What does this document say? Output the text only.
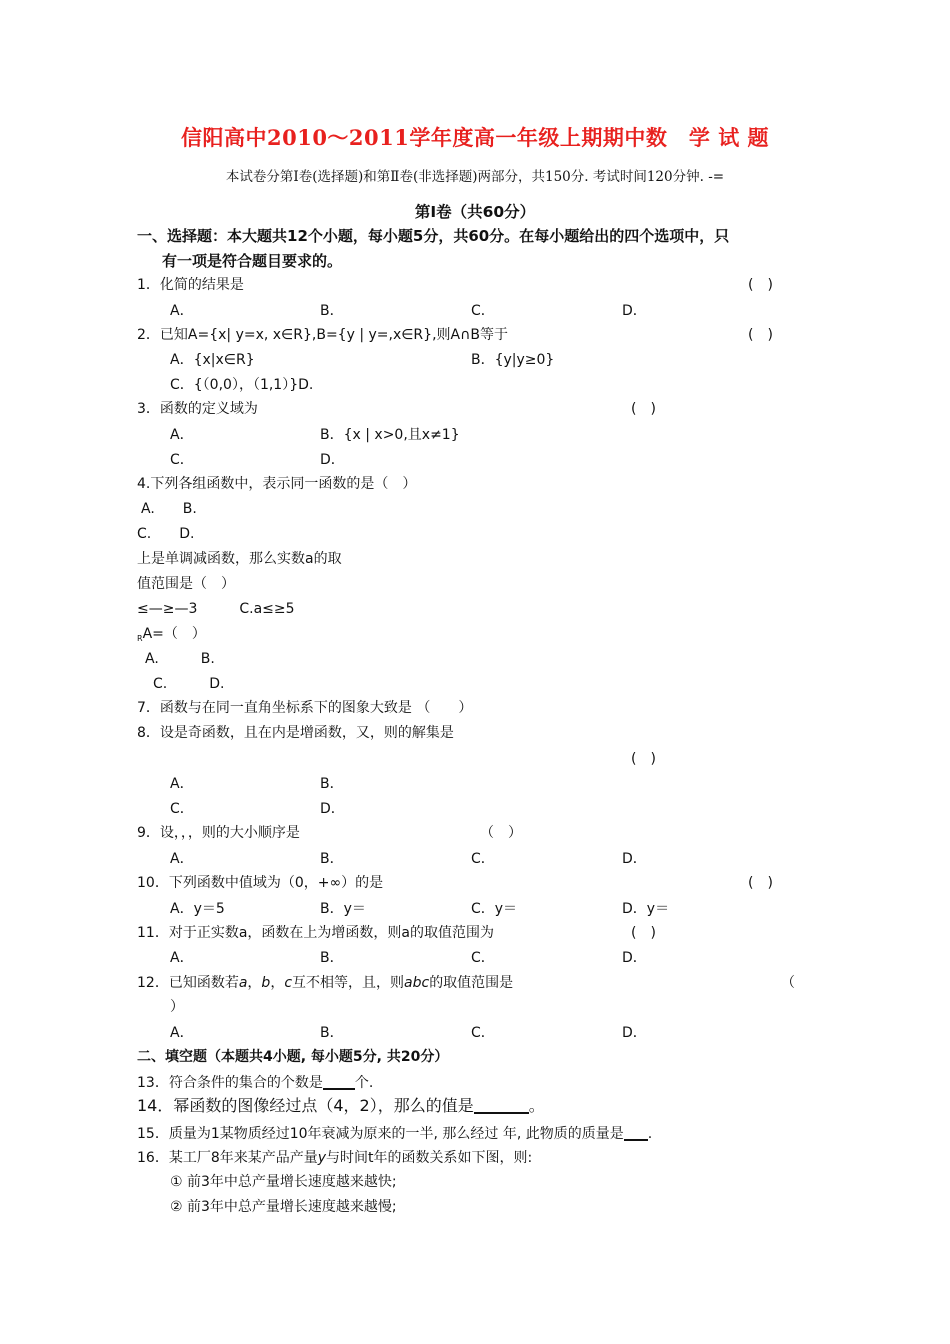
信阳高中2010～2011学年度高一年级上期期中数　学 试 题
本试卷分第Ⅰ卷(选择题)和第Ⅱ卷(非选择题)两部分，共150分. 考试时间120分钟. -=
第Ⅰ卷（共60分）
一、选择题：本大题共12个小题，每小题5分，共60分。在每小题给出的四个选项中，只
有一项是符合题目要求的。
1．化简的结果是	(　)
A．	B．	C．	D．
2．已知A={x| y=x, x∈R},B={y | y=,x∈R},则A∩B等于	(　)
A．{x|x∈R}	B．{y|y≥0}
C．{（0,0），（1,1）}D.
3．函数的定义域为	(　)
A．	B．{x | x>0,且x≠1}
C．	D．
4.下列各组函数中，表示同一函数的是（　）
A.　　B.
C.　　D.
上是单调减函数，那么实数a的取
值范围是（　）
≤—≥—3　　　C.a≤≥5
$_R$A=（　）
A.　　　B.
C.　　　D.
7．函数与在同一直角坐标系下的图象大致是 （　　）
8．设是奇函数，且在内是增函数，又，则的解集是
(　)
A．	B．
C．	D．
9．设，，，则的大小顺序是	（　）
A．	B．	C．	D．
10．下列函数中值域为（0，+∞）的是	(　)
A．y＝5	B．y＝	C．y＝	D．y＝
11．对于正实数a，函数在上为增函数，则a的取值范围为	(　)
A．	B．	C．	D．
12．已知函数若a，b，c互不相等，且，则abc的取值范围是	（
）
A．	B．	C．	D．
二、填空题（本题共4小题, 每小题5分, 共20分）
13．符合条件的集合的个数是 个.
14．幂函数的图像经过点（4，2），那么的值是	。
15．质量为1某物质经过10年衰减为原来的一半, 那么经过 年, 此物质的质量是 .
16．某工厂8年来某产品产量y与时间t年的函数关系如下图，则:
① 前3年中总产量增长速度越来越快;
② 前3年中总产量增长速度越来越慢;
